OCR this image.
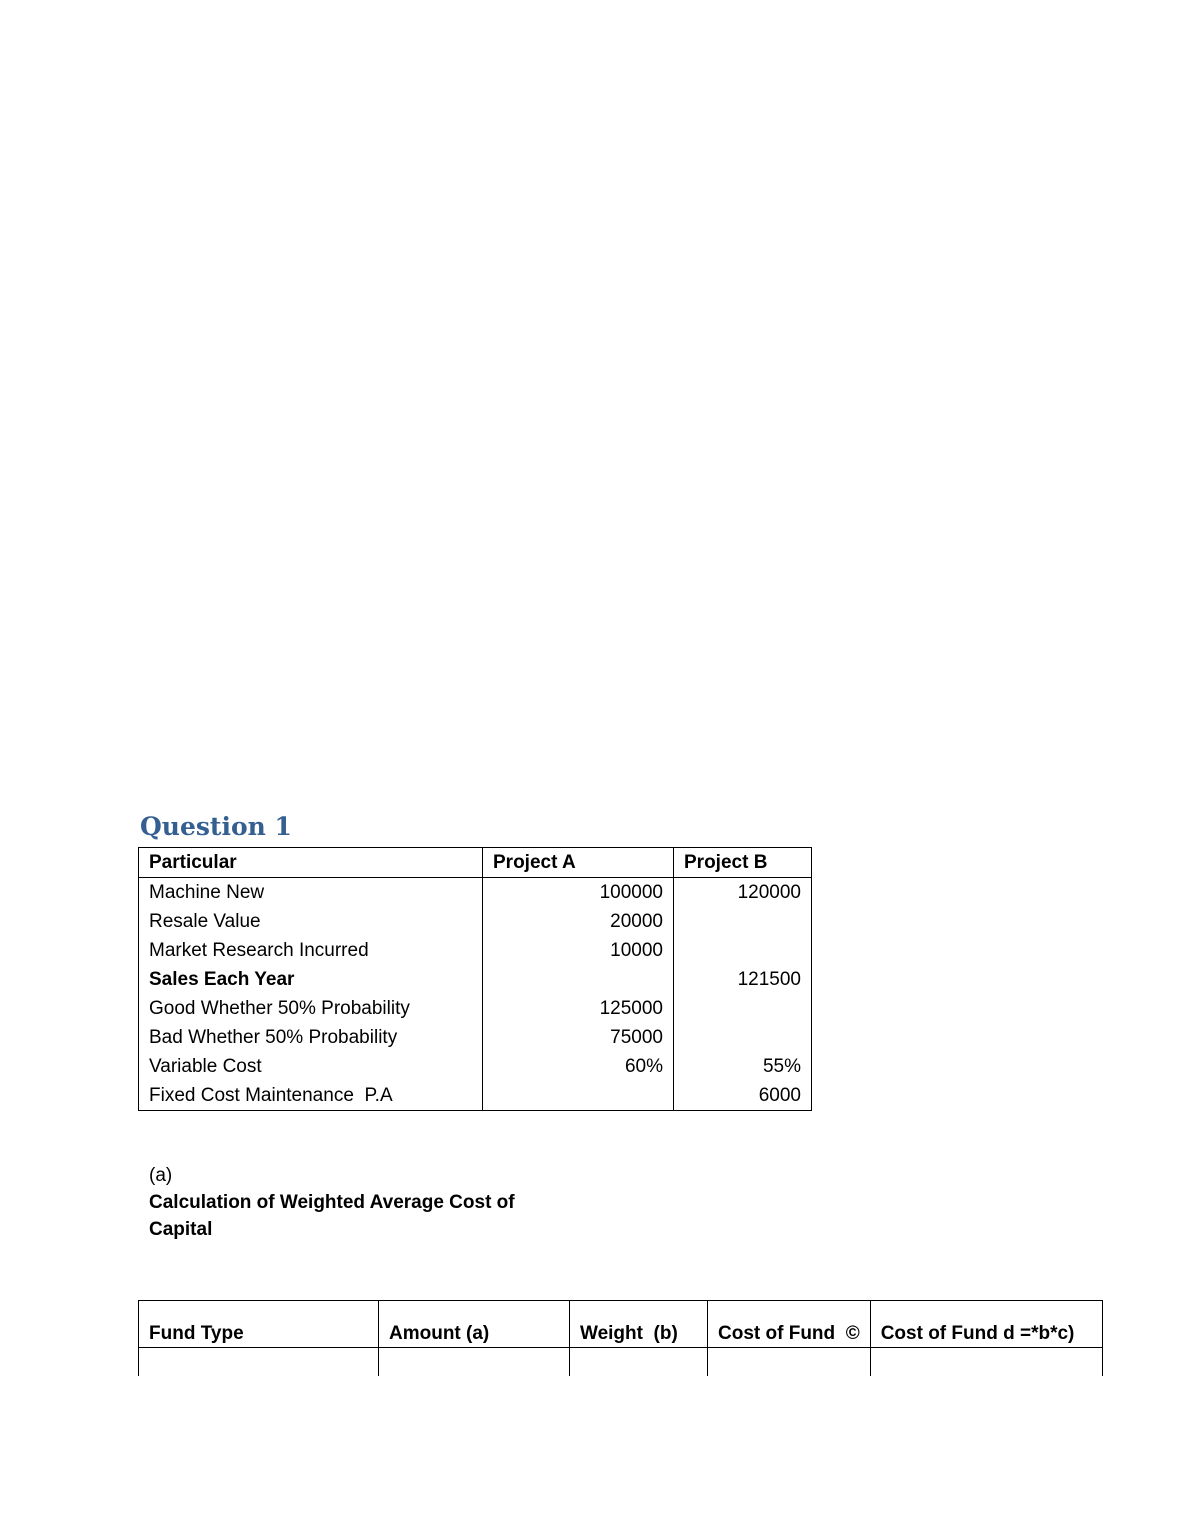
Question 1
Particular	Project A	Project B
Machine New	100000	120000
Resale Value	20000	
Market Research Incurred	10000	
Sales Each Year		121500
Good Whether 50% Probability	125000	
Bad Whether 50% Probability	75000	
Variable Cost	60%	55%
Fixed Cost Maintenance  P.A		6000
(a)
Calculation of Weighted Average Cost of Capital
Fund Type	Amount (a)	Weight  (b)	Cost of Fund  ©	Cost of Fund d =*b*c)
